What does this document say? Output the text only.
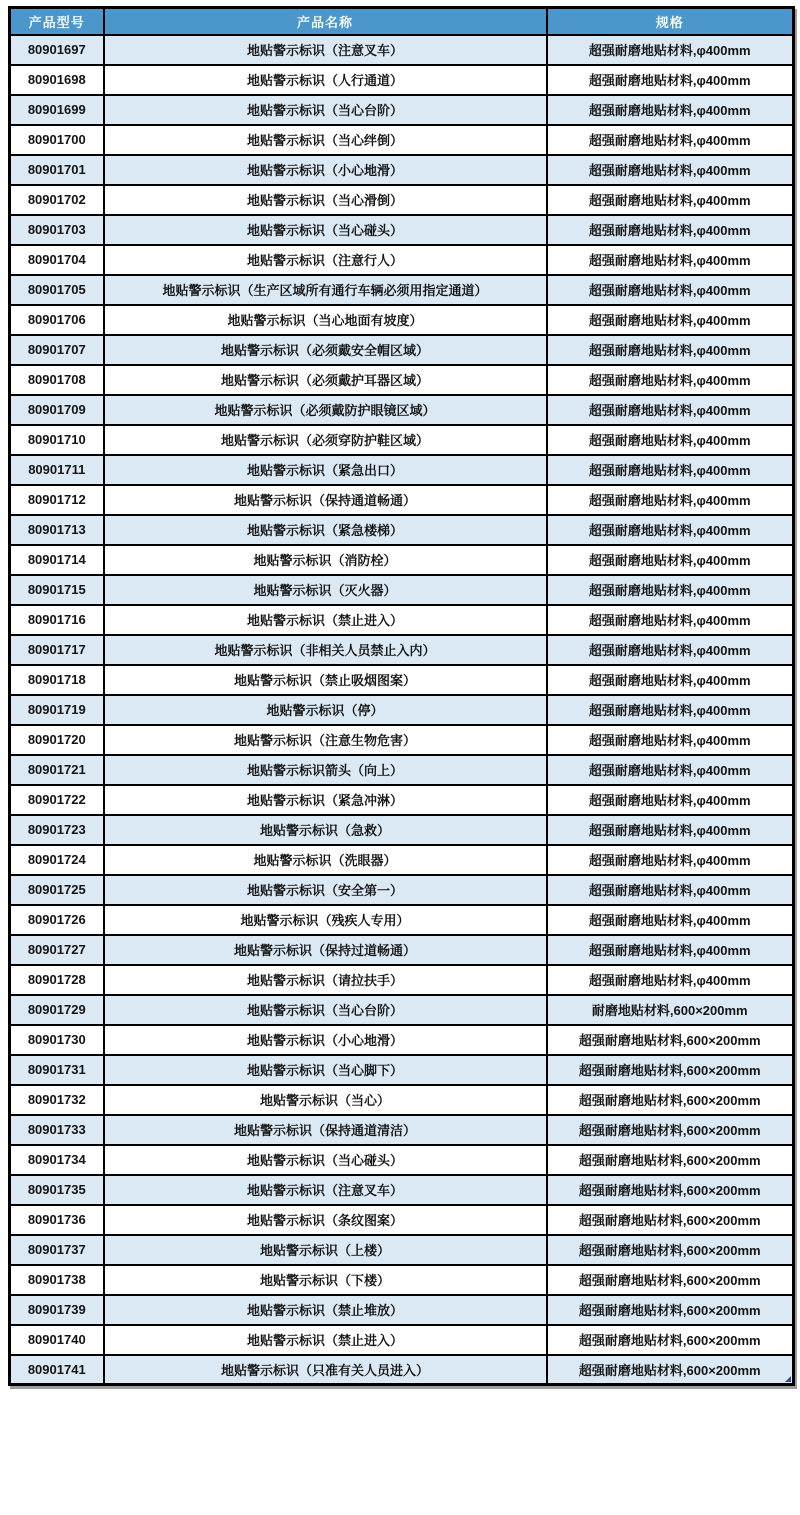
产品型号	产品名称	规格
80901697	地贴警示标识（注意叉车）	超强耐磨地贴材料,φ400mm
80901698	地贴警示标识（人行通道）	超强耐磨地贴材料,φ400mm
80901699	地贴警示标识（当心台阶）	超强耐磨地贴材料,φ400mm
80901700	地贴警示标识（当心绊倒）	超强耐磨地贴材料,φ400mm
80901701	地贴警示标识（小心地滑）	超强耐磨地贴材料,φ400mm
80901702	地贴警示标识（当心滑倒）	超强耐磨地贴材料,φ400mm
80901703	地贴警示标识（当心碰头）	超强耐磨地贴材料,φ400mm
80901704	地贴警示标识（注意行人）	超强耐磨地贴材料,φ400mm
80901705	地贴警示标识（生产区域所有通行车辆必须用指定通道）	超强耐磨地贴材料,φ400mm
80901706	地贴警示标识（当心地面有坡度）	超强耐磨地贴材料,φ400mm
80901707	地贴警示标识（必须戴安全帽区域）	超强耐磨地贴材料,φ400mm
80901708	地贴警示标识（必须戴护耳器区域）	超强耐磨地贴材料,φ400mm
80901709	地贴警示标识（必须戴防护眼镜区域）	超强耐磨地贴材料,φ400mm
80901710	地贴警示标识（必须穿防护鞋区域）	超强耐磨地贴材料,φ400mm
80901711	地贴警示标识（紧急出口）	超强耐磨地贴材料,φ400mm
80901712	地贴警示标识（保持通道畅通）	超强耐磨地贴材料,φ400mm
80901713	地贴警示标识（紧急楼梯）	超强耐磨地贴材料,φ400mm
80901714	地贴警示标识（消防栓）	超强耐磨地贴材料,φ400mm
80901715	地贴警示标识（灭火器）	超强耐磨地贴材料,φ400mm
80901716	地贴警示标识（禁止进入）	超强耐磨地贴材料,φ400mm
80901717	地贴警示标识（非相关人员禁止入内）	超强耐磨地贴材料,φ400mm
80901718	地贴警示标识（禁止吸烟图案）	超强耐磨地贴材料,φ400mm
80901719	地贴警示标识（停）	超强耐磨地贴材料,φ400mm
80901720	地贴警示标识（注意生物危害）	超强耐磨地贴材料,φ400mm
80901721	地贴警示标识箭头（向上）	超强耐磨地贴材料,φ400mm
80901722	地贴警示标识（紧急冲淋）	超强耐磨地贴材料,φ400mm
80901723	地贴警示标识（急救）	超强耐磨地贴材料,φ400mm
80901724	地贴警示标识（洗眼器）	超强耐磨地贴材料,φ400mm
80901725	地贴警示标识（安全第一）	超强耐磨地贴材料,φ400mm
80901726	地贴警示标识（残疾人专用）	超强耐磨地贴材料,φ400mm
80901727	地贴警示标识（保持过道畅通）	超强耐磨地贴材料,φ400mm
80901728	地贴警示标识（请拉扶手）	超强耐磨地贴材料,φ400mm
80901729	地贴警示标识（当心台阶）	耐磨地贴材料,600×200mm
80901730	地贴警示标识（小心地滑）	超强耐磨地贴材料,600×200mm
80901731	地贴警示标识（当心脚下）	超强耐磨地贴材料,600×200mm
80901732	地贴警示标识（当心）	超强耐磨地贴材料,600×200mm
80901733	地贴警示标识（保持通道清洁）	超强耐磨地贴材料,600×200mm
80901734	地贴警示标识（当心碰头）	超强耐磨地贴材料,600×200mm
80901735	地贴警示标识（注意叉车）	超强耐磨地贴材料,600×200mm
80901736	地贴警示标识（条纹图案）	超强耐磨地贴材料,600×200mm
80901737	地贴警示标识（上楼）	超强耐磨地贴材料,600×200mm
80901738	地贴警示标识（下楼）	超强耐磨地贴材料,600×200mm
80901739	地贴警示标识（禁止堆放）	超强耐磨地贴材料,600×200mm
80901740	地贴警示标识（禁止进入）	超强耐磨地贴材料,600×200mm
80901741	地贴警示标识（只准有关人员进入）	超强耐磨地贴材料,600×200mm
